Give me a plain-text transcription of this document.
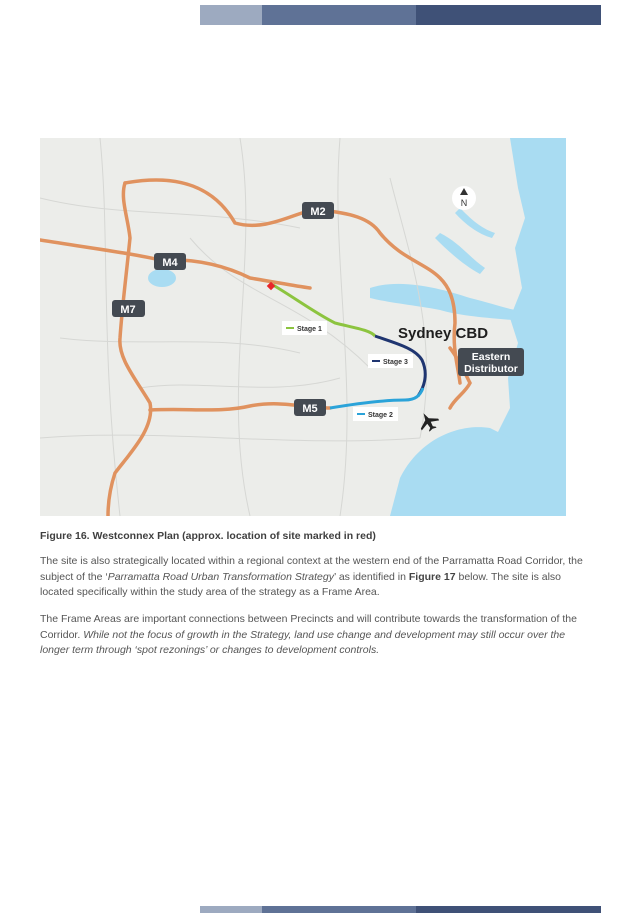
N
M2
M4
M7
M5
Eastern
Distributor
Sydney CBD
Stage 1
Stage 3
Stage 2
Figure 16. Westconnex Plan (approx. location of site marked in red)

The site is also strategically located within a regional context at the western end of the Parramatta Road Corridor, the subject of the ‘Parramatta Road Urban Transformation Strategy’ as identified in Figure 17 below. The site is also located specifically within the study area of the strategy as a Frame Area.

The Frame Areas are important connections between Precincts and will contribute towards the transformation of the Corridor. While not the focus of growth in the Strategy, land use change and development may still occur over the longer term through ‘spot rezonings’ or changes to development controls.
